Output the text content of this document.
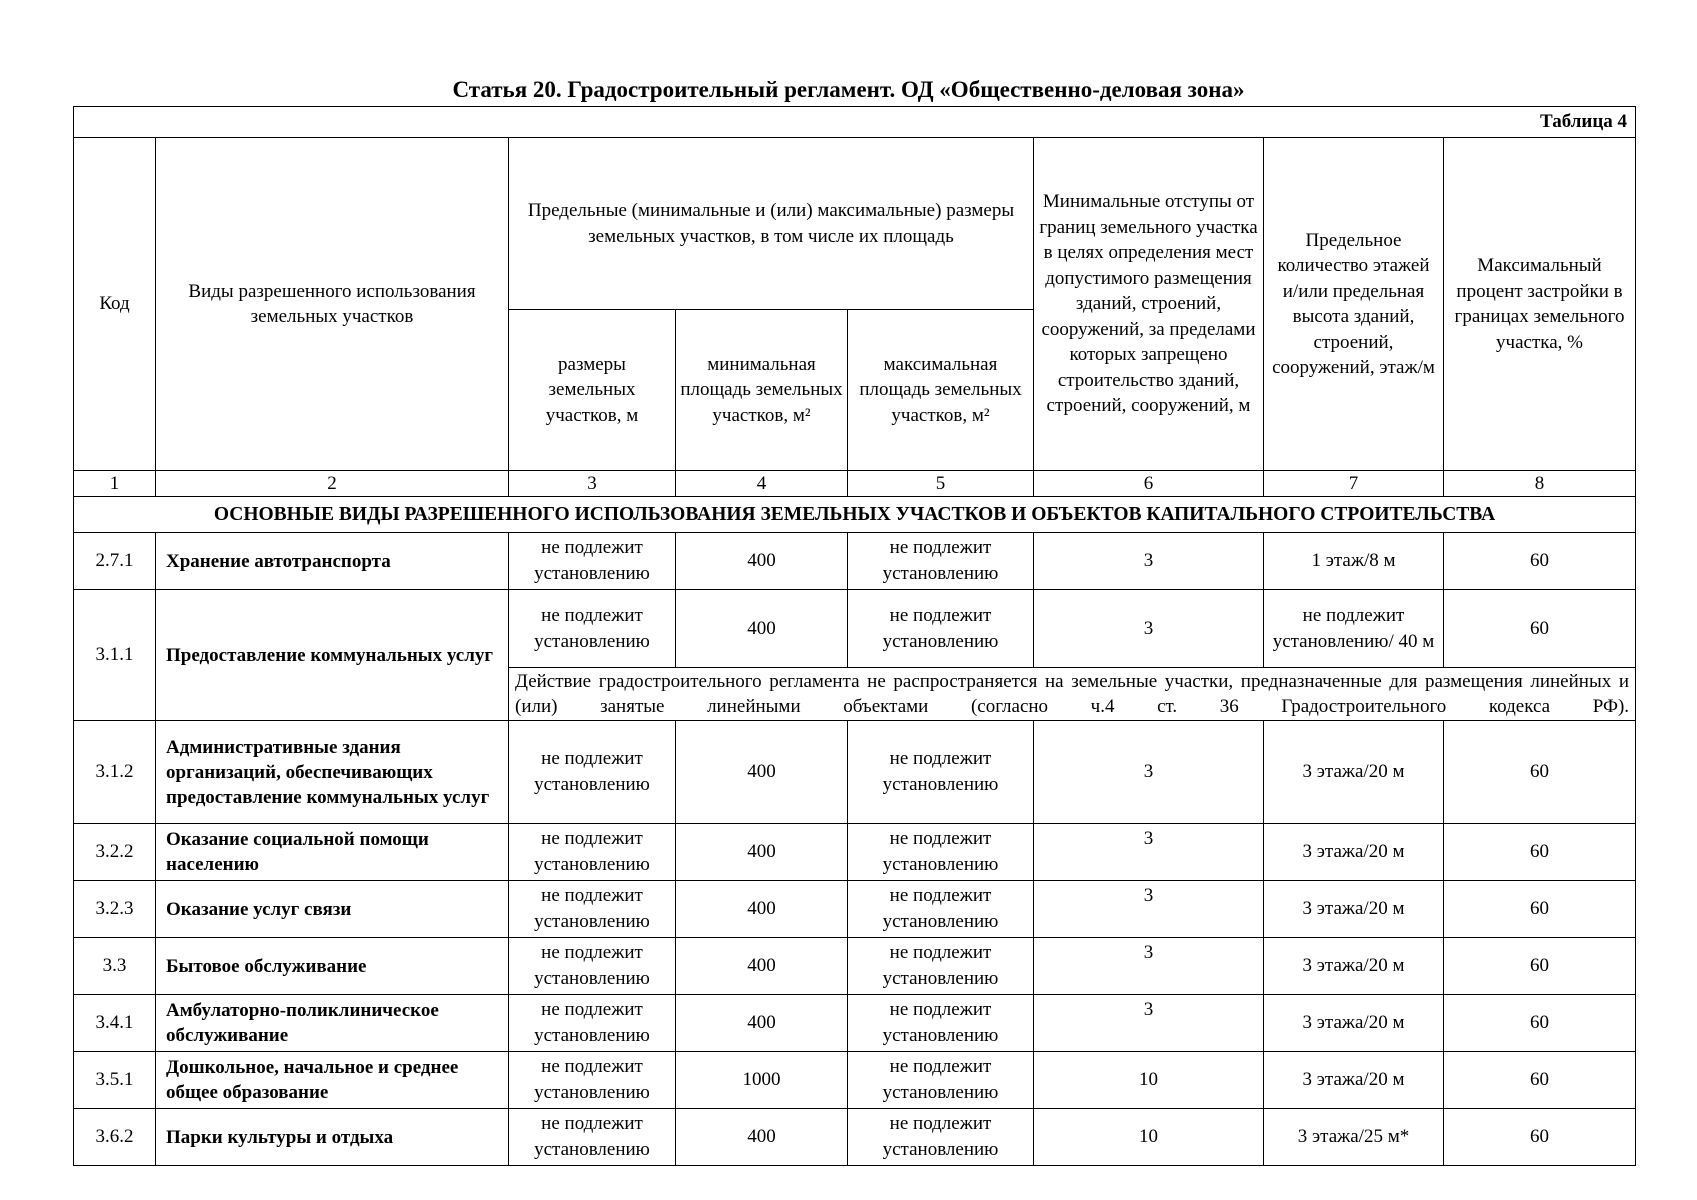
Статья 20. Градостроительный регламент. ОД «Общественно-деловая зона»
Таблица 4							
Код	Виды разрешенного использования земельных участков	Предельные (минимальные и (или) максимальные) размеры земельных участков, в том числе их площадь			Минимальные отступы от границ земельного участка в целях определения мест допустимого размещения зданий, строений, сооружений, за пределами которых запрещено строительство зданий, строений, сооружений, м	Предельное количество этажей и/или предельная высота зданий, строений, сооружений, этаж/м	Максимальный процент застройки в границах земельного участка, %
		размеры земельных участков, м	минимальная площадь земельных участков, м²	максимальная площадь земельных участков, м²			
1	2	3	4	5	6	7	8
ОСНОВНЫЕ ВИДЫ РАЗРЕШЕННОГО ИСПОЛЬЗОВАНИЯ ЗЕМЕЛЬНЫХ УЧАСТКОВ И ОБЪЕКТОВ КАПИТАЛЬНОГО СТРОИТЕЛЬСТВА							
2.7.1	Хранение автотранспорта	не подлежит установлению	400	не подлежит установлению	3	1 этаж/8 м	60
3.1.1	Предоставление коммунальных услуг	не подлежит установлению	400	не подлежит установлению	3	не подлежит установлению/ 40 м	60
		Действие градостроительного регламента не распространяется на земельные участки, предназначенные для размещения линейных и (или) занятые линейными объектами (согласно ч.4 ст. 36 Градостроительного кодекса РФ).					
3.1.2	Административные здания организаций, обеспечивающих предоставление коммунальных услуг	не подлежит установлению	400	не подлежит установлению	3	3 этажа/20 м	60
3.2.2	Оказание социальной помощи населению	не подлежит установлению	400	не подлежит установлению	3	3 этажа/20 м	60
3.2.3	Оказание услуг связи	не подлежит установлению	400	не подлежит установлению	3	3 этажа/20 м	60
3.3	Бытовое обслуживание	не подлежит установлению	400	не подлежит установлению	3	3 этажа/20 м	60
3.4.1	Амбулаторно-поликлиническое обслуживание	не подлежит установлению	400	не подлежит установлению	3	3 этажа/20 м	60
3.5.1	Дошкольное, начальное и среднее общее образование	не подлежит установлению	1000	не подлежит установлению	10	3 этажа/20 м	60
3.6.2	Парки культуры и отдыха	не подлежит установлению	400	не подлежит установлению	10	3 этажа/25 м*	60
